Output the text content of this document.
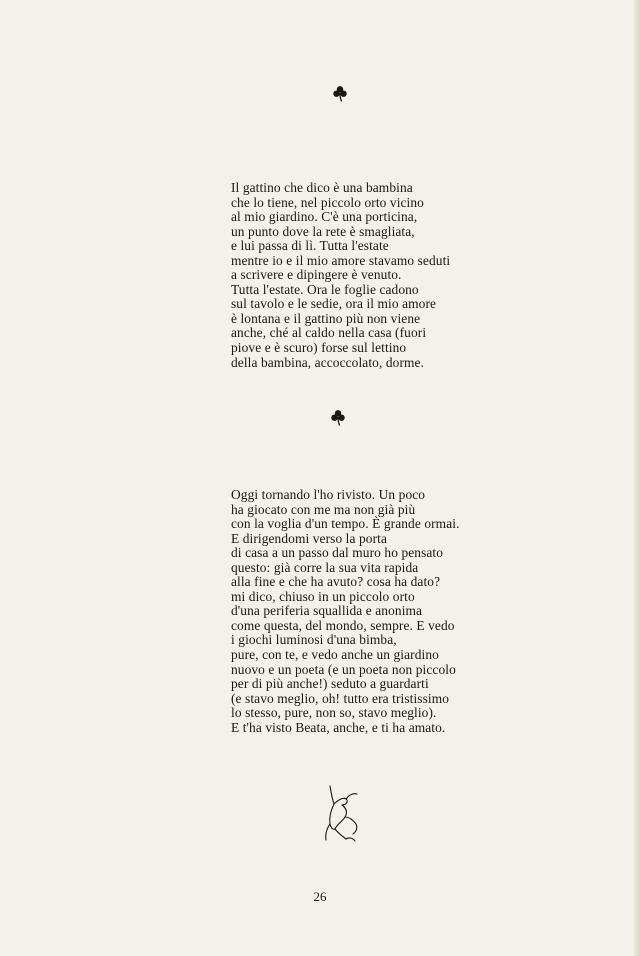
Il gattino che dico è una bambina
che lo tiene, nel piccolo orto vicino
al mio giardino. C'è una porticina,
un punto dove la rete è smagliata,
e lui passa di lì. Tutta l'estate
mentre io e il mio amore stavamo seduti
a scrivere e dipingere è venuto.
Tutta l'estate. Ora le foglie cadono
sul tavolo e le sedie, ora il mio amore
è lontana e il gattino più non viene
anche, ché al caldo nella casa (fuori
piove e è scuro) forse sul lettino
della bambina, accoccolato, dorme.
Oggi tornando l'ho rivisto. Un poco
ha giocato con me ma non già più
con la voglia d'un tempo. È grande ormai.
E dirigendomi verso la porta
di casa a un passo dal muro ho pensato
questo: già corre la sua vita rapida
alla fine e che ha avuto? cosa ha dato?
mi dico, chiuso in un piccolo orto
d'una periferia squallida e anonima
come questa, del mondo, sempre. E vedo
i giochi luminosi d'una bimba,
pure, con te, e vedo anche un giardino
nuovo e un poeta (e un poeta non piccolo
per di più anche!) seduto a guardarti
(e stavo meglio, oh! tutto era tristissimo
lo stesso, pure, non so, stavo meglio).
E t'ha visto Beata, anche, e ti ha amato.
26
